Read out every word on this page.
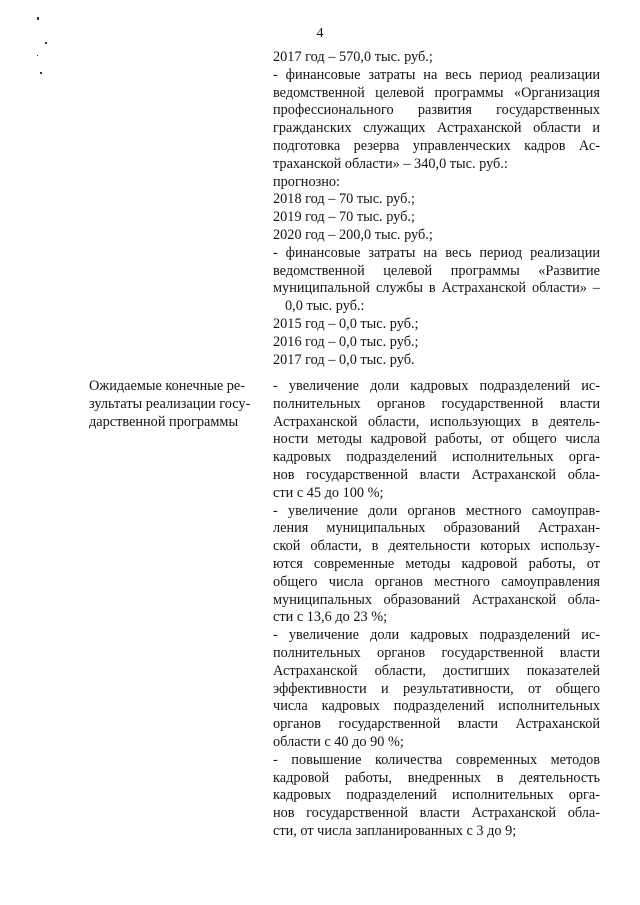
4
2017 год – 570,0 тыс. руб.;
- финансовые затраты на весь период реализации
ведомственной целевой программы «Организация
профессионального развития государственных
гражданских служащих Астраханской области и
подготовка резерва управленческих кадров Ас-
траханской области» – 340,0 тыс. руб.:
прогнозно:
2018 год – 70 тыс. руб.;
2019 год – 70 тыс. руб.;
2020 год – 200,0 тыс. руб.;
- финансовые затраты на весь период реализации
ведомственной целевой программы «Развитие
муниципальной службы в Астраханской области» –
0,0 тыс. руб.:
2015 год – 0,0 тыс. руб.;
2016 год – 0,0 тыс. руб.;
2017 год – 0,0 тыс. руб.
Ожидаемые конечные ре-
зультаты реализации госу-
дарственной программы
- увеличение доли кадровых подразделений ис-
полнительных органов государственной власти
Астраханской области, использующих в деятель-
ности методы кадровой работы, от общего числа
кадровых подразделений исполнительных орга-
нов государственной власти Астраханской обла-
сти с 45 до 100 %;
- увеличение доли органов местного самоуправ-
ления муниципальных образований Астрахан-
ской области, в деятельности которых использу-
ются современные методы кадровой работы, от
общего числа органов местного самоуправления
муниципальных образований Астраханской обла-
сти с 13,6 до 23 %;
- увеличение доли кадровых подразделений ис-
полнительных органов государственной власти
Астраханской области, достигших показателей
эффективности и результативности, от общего
числа кадровых подразделений исполнительных
органов государственной власти Астраханской
области с 40 до 90 %;
- повышение количества современных методов
кадровой работы, внедренных в деятельность
кадровых подразделений исполнительных орга-
нов государственной власти Астраханской обла-
сти, от числа запланированных с 3 до 9;
